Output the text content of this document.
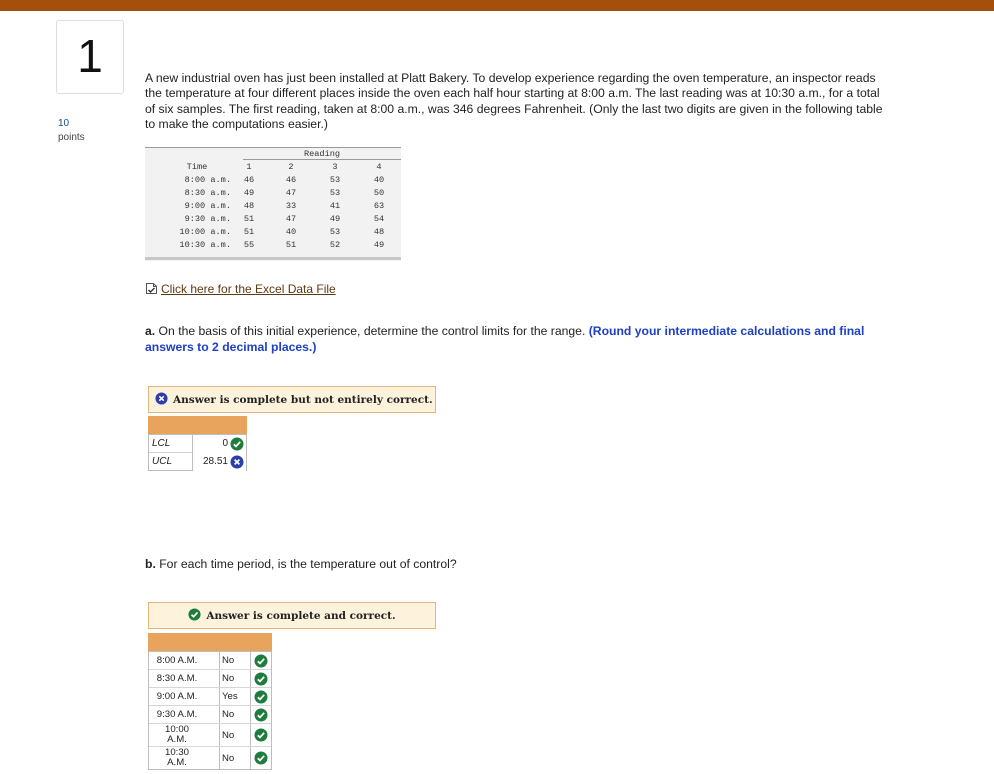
1
10
points
A new industrial oven has just been installed at Platt Bakery. To develop experience regarding the oven temperature, an inspector reads the temperature at four different places inside the oven each half hour starting at 8:00 a.m. The last reading was at 10:30 a.m., for a total of six samples. The first reading, taken at 8:00 a.m., was 346 degrees Fahrenheit. (Only the last two digits are given in the following table to make the computations easier.)
Reading
Time	1	2	3	4
8:00 a.m.	46	46	53	40
8:30 a.m.	49	47	53	50
9:00 a.m.	48	33	41	63
9:30 a.m.	51	47	49	54
10:00 a.m.	51	40	53	48
10:30 a.m.	55	51	52	49
Click here for the Excel Data File
a. On the basis of this initial experience, determine the control limits for the range. (Round your intermediate calculations and final answers to 2 decimal places.)
Answer is complete but not entirely correct.
LCL	0
UCL	28.51
b. For each time period, is the temperature out of control?
Answer is complete and correct.
8:00 A.M.	No
8:30 A.M.	No
9:00 A.M.	Yes
9:30 A.M.	No
10:00 A.M.	No
10:30 A.M.	No
